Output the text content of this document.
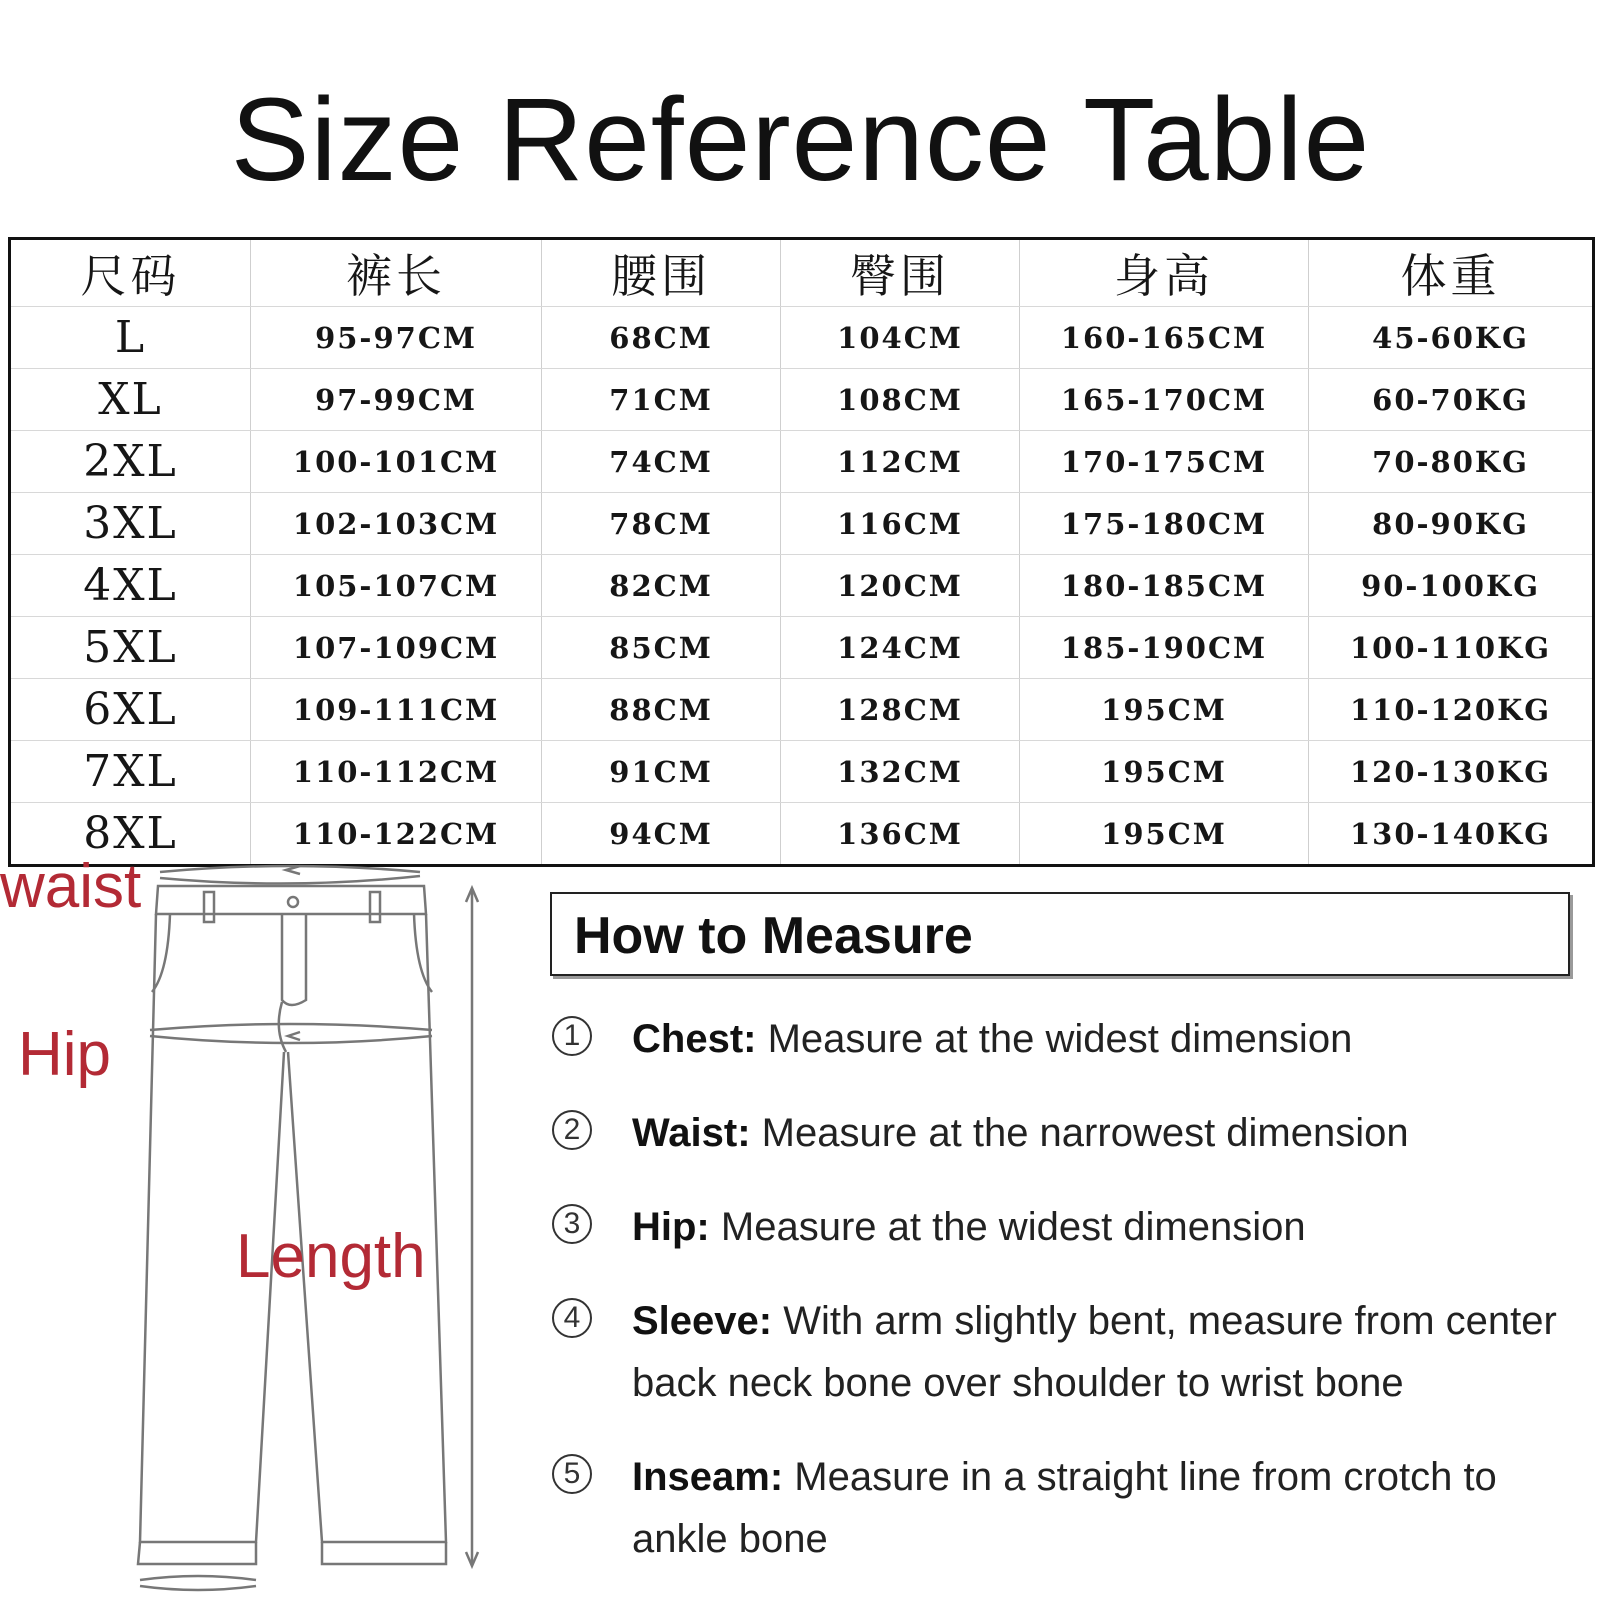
Size Reference Table
尺码	裤长	腰围	臀围	身高	体重
L	95-97CM	68CM	104CM	160-165CM	45-60KG
XL	97-99CM	71CM	108CM	165-170CM	60-70KG
2XL	100-101CM	74CM	112CM	170-175CM	70-80KG
3XL	102-103CM	78CM	116CM	175-180CM	80-90KG
4XL	105-107CM	82CM	120CM	180-185CM	90-100KG
5XL	107-109CM	85CM	124CM	185-190CM	100-110KG
6XL	109-111CM	88CM	128CM	195CM	110-120KG
7XL	110-112CM	91CM	132CM	195CM	120-130KG
8XL	110-122CM	94CM	136CM	195CM	130-140KG
waist
Hip
Length
How to Measure
1 Chest: Measure at the widest dimension
2 Waist: Measure at the narrowest dimension
3 Hip: Measure at the widest dimension
4 Sleeve: With arm slightly bent, measure from center back neck bone over shoulder to wrist bone
5 Inseam: Measure in a straight line from crotch to ankle bone
